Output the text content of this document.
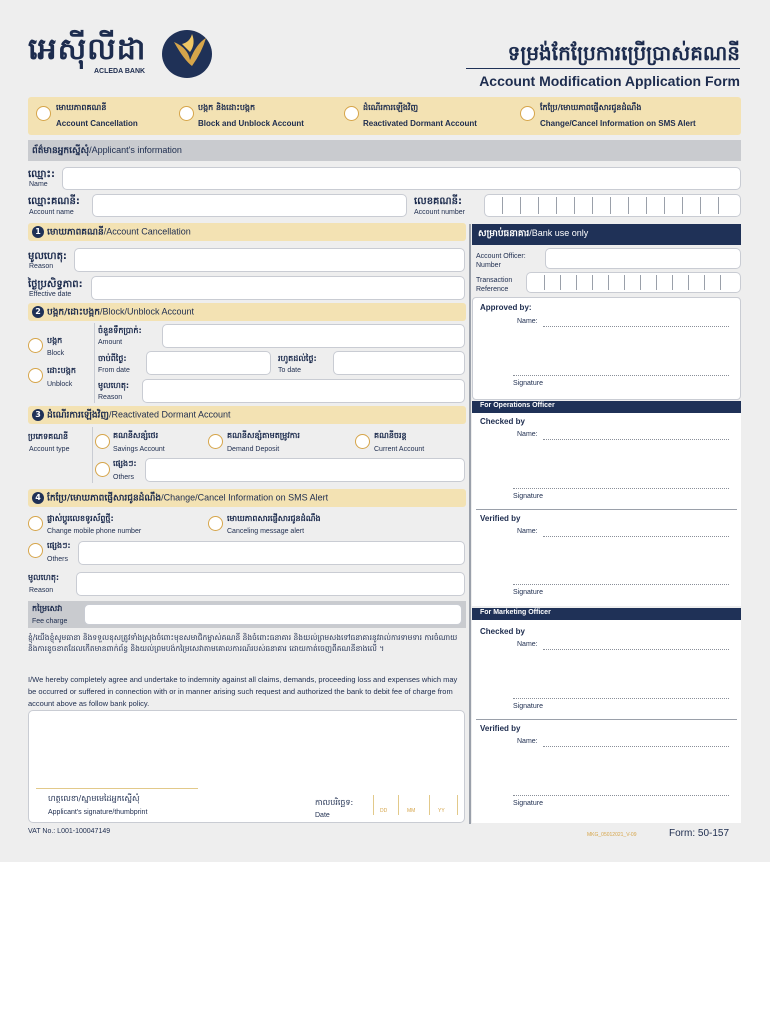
អេស៊ីលីដា
ACLEDA BANK
ទម្រង់កែប្រែការប្រើប្រាស់គណនី
Account Modification Application Form
មោឃភាពគណនី
Account Cancellation
បង្កក និងដោះបង្កក
Block and Unblock Account
ដំណើរការឡើងវិញ
Reactivated Dormant Account
កែប្រែ/មោឃភាពផ្ញើសារជូនដំណឹង
Change/Cancel Information on SMS Alert
ព័ត៌មានអ្នកស្នើសុំ/Applicant's information
ឈ្មោះ:
Name
ឈ្មោះគណនី:
Account name
លេខគណនី:
Account number
1 មោឃភាពគណនី/Account Cancellation
មូលហេតុ:
Reason
ថ្ងៃប្រសិទ្ធភាព:
Effective date
2 បង្កក/ដោះបង្កក/Block/Unblock Account
បង្កក
Block
ដោះបង្កក
Unblock
ចំនួនទឹកប្រាក់:
Amount
ចាប់ពីថ្ងៃ:
From date
រហូតដល់ថ្ងៃ:
To date
មូលហេតុ:
Reason
3 ដំណើរការឡើងវិញ/Reactivated Dormant Account
ប្រភេទគណនី
Account type
គណនីសន្សំថេរ
Savings Account
គណនីសន្សំតាមតម្រូវការ
Demand Deposit
គណនីចរន្ត
Current Account
ផ្សេងៗ:
Others
4 កែប្រែ/មោឃភាពផ្ញើសារជូនដំណឹង/Change/Cancel Information on SMS Alert
ផ្លាស់ប្តូរលេខទូរស័ព្ទថ្មី:
Change mobile phone number
មោឃភាពសារផ្ញើសារជូនដំណឹង
Canceling message alert
ផ្សេងៗ:
Others
មូលហេតុ:
Reason
កម្រៃសេវា
Fee charge
ខ្ញុំ/យើងខ្ញុំសូមធានា និងទទួលខុសត្រូវទាំងស្រុងចំពោះមុខសមាជិកម្ចាស់គណនី និងចំពោះធនាគារ និងយល់ព្រមសងទៅធនាគារនូវរាល់ការទាមទារ ការចំណាយ និងការខូចខាតដែលកើតមានពាក់ព័ន្ធ និងយល់ព្រមបង់កម្រៃសេវាតាមគោលការណ៍របស់ធនាគារ ដោយកាត់ចេញពីគណនីខាងលើ ។
I/We hereby completely agree and undertake to indemnity against all claims, demands, proceeding loss and expenses which may be occurred or suffered in connection with or in manner arising such request and authorized the bank to debit fee of charge from account above as follow bank policy.
ហត្ថលេខា/ស្នាមមេដៃអ្នកស្នើសុំ
Applicant's signature/thumbprint
កាលបរិច្ឆេទ:
Date
DD	MM	YY
សម្រាប់ធនាគារ/Bank use only
Account Officer:
Number
Transaction
Reference
Approved by:
Name:
Signature
For Operations Officer
Checked by
Name:
Signature
Verified by
Name:
Signature
For Marketing Officer
Checked by
Name:
Signature
Verified by
Name:
Signature
VAT No.: L001-100047149	MKG_05012021_V-09	Form: 50-157
